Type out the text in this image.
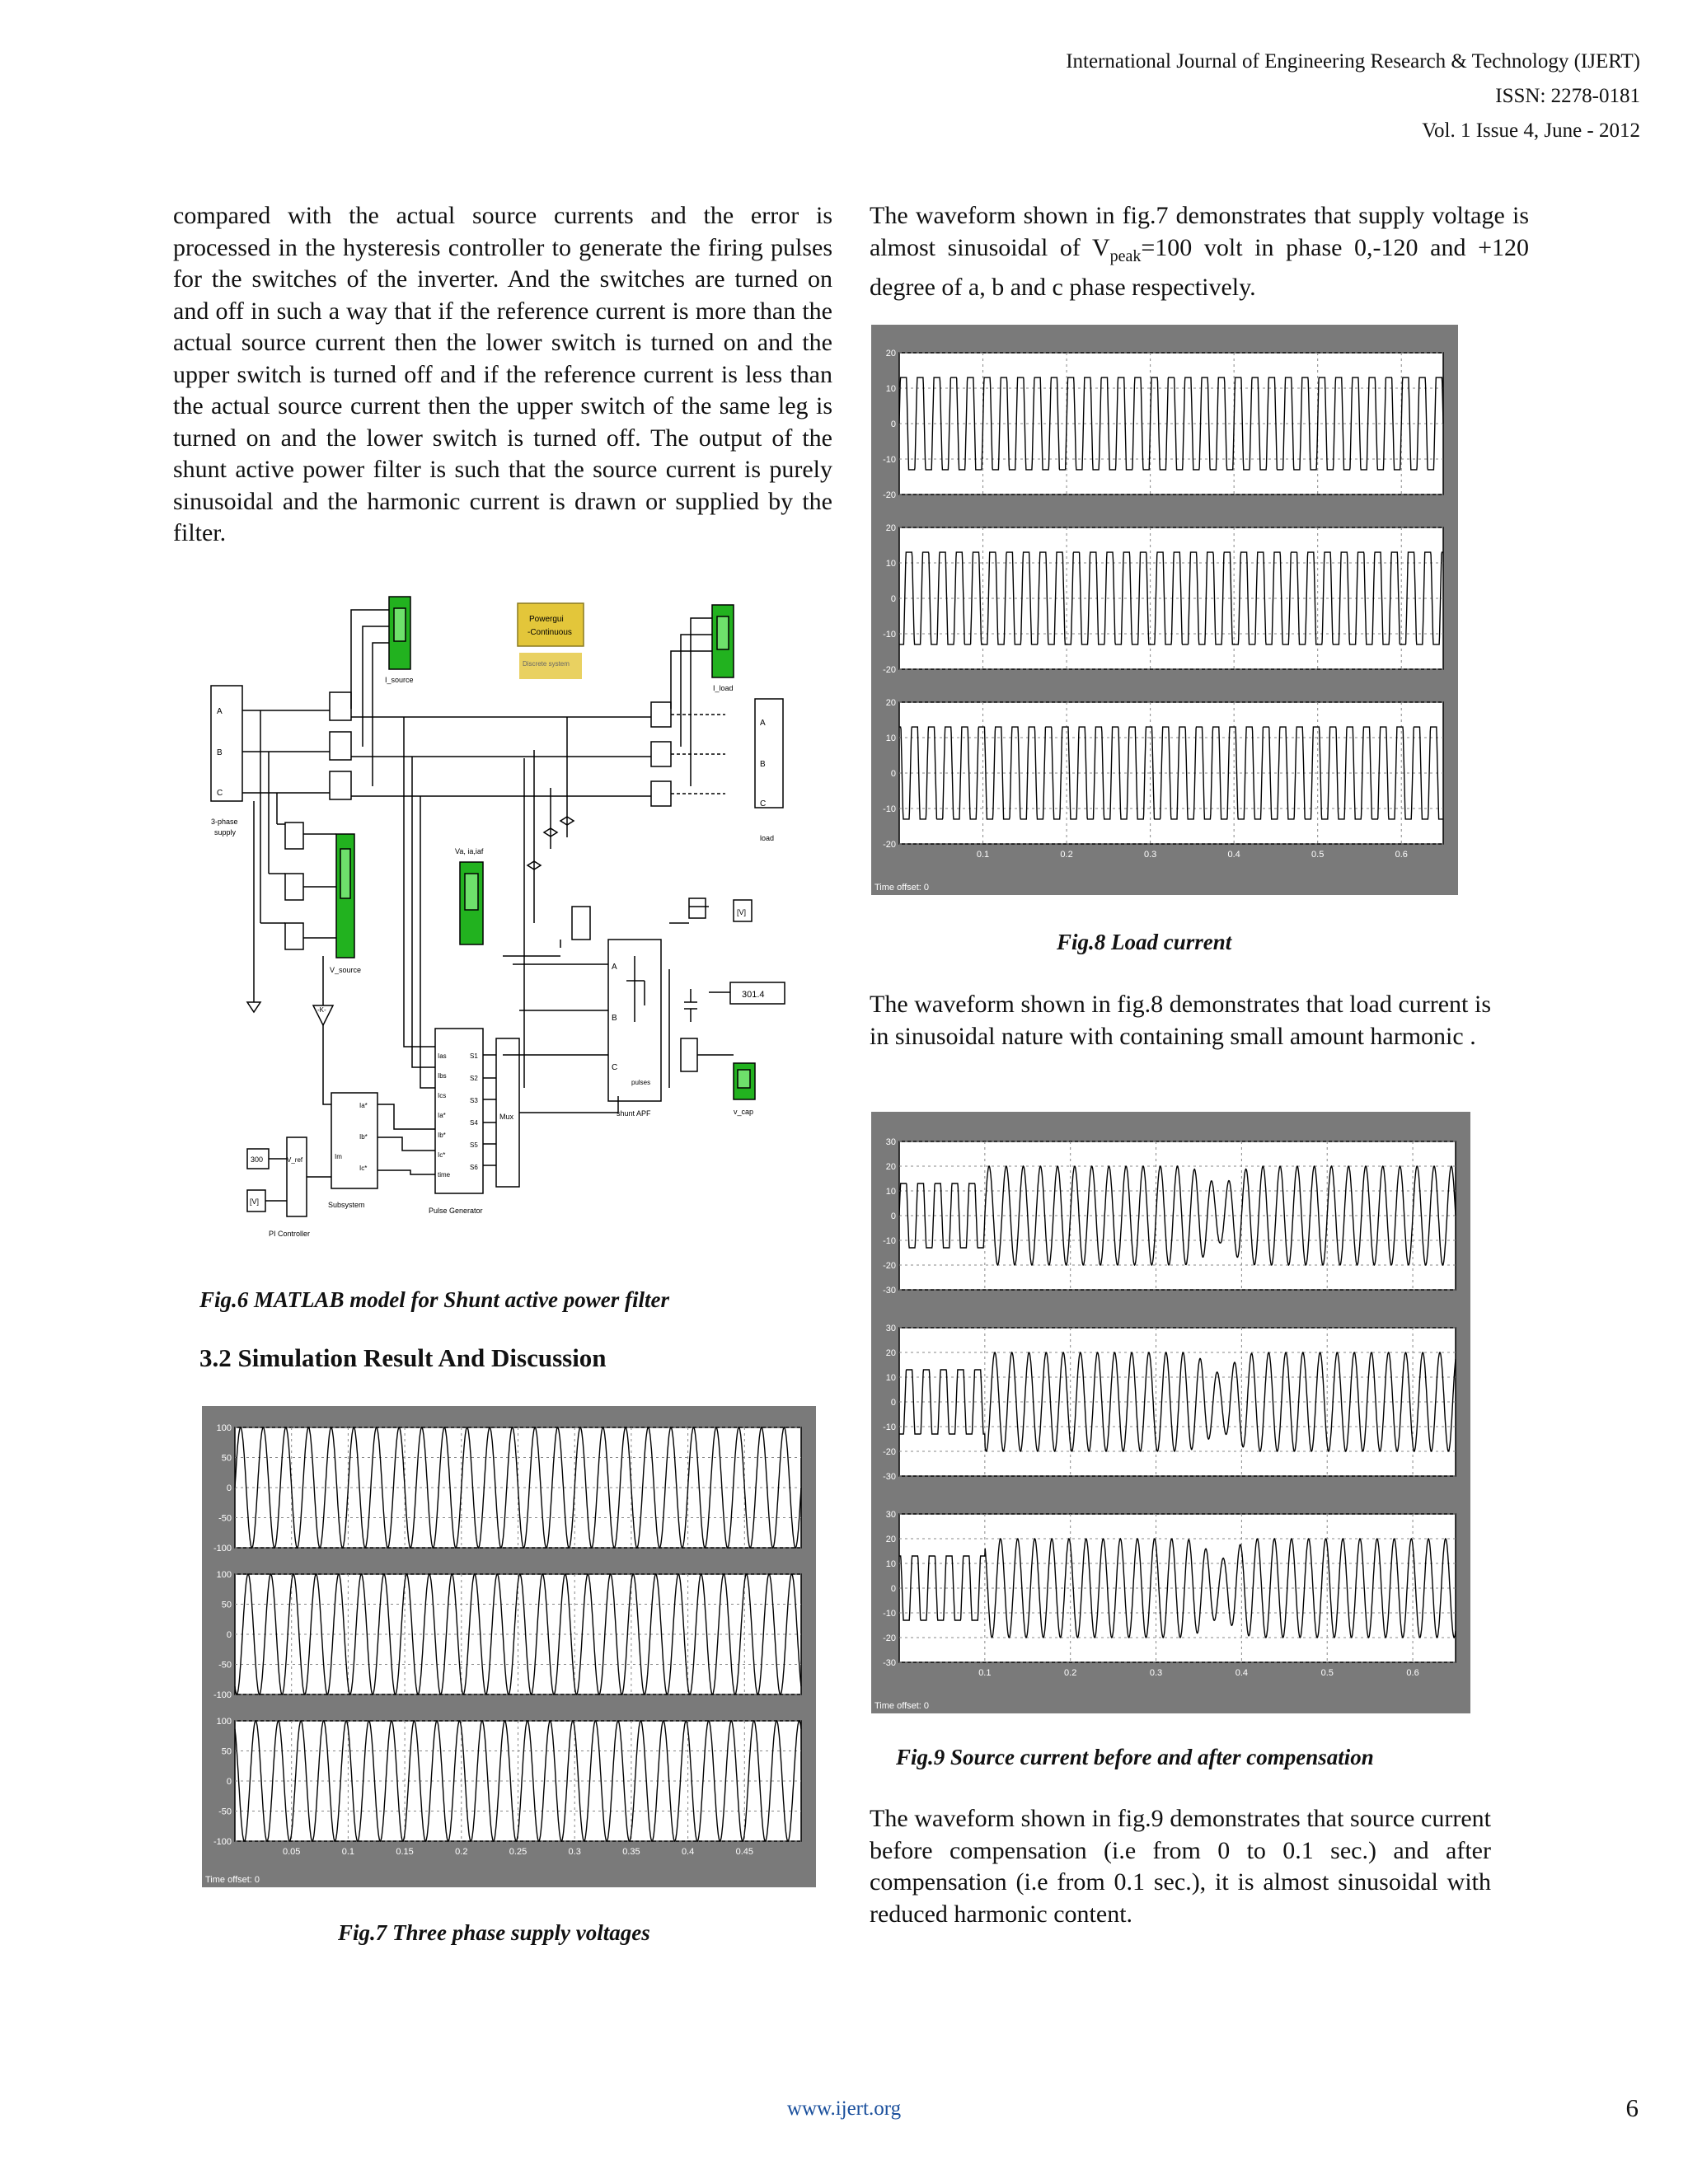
International Journal of Engineering Research & Technology (IJERT)
ISSN: 2278-0181
Vol. 1 Issue 4, June - 2012
compared with the actual source currents and the error is processed in the hysteresis controller to generate the firing pulses for the switches of the inverter. And the switches are turned on and off in such a way that if the reference current is more than the actual source current then the lower switch is turned on and the upper switch is turned off and if the reference current is less than the actual source current then the upper switch of the same leg is turned on and the lower switch is turned off. The output of the shunt active power filter is such that the source current is purely sinusoidal and the harmonic current is drawn or supplied by the filter.
A
B
C
3-phase
supply
Powergui
-Continuous
Discrete system
I_source
I_load
V_source
Va, ia,iaf
v_cap
A
B
C
load
A
B
C
pulses
shunt APF
[V]
301.4
Pulse Generator
Ias
Ibs
Ics
Ia*
Ib*
Ic*
time
S1
S2
S3
S4
S5
S6
Mux
Subsystem
Ia*
Ib*
Ic*
Im
-K-
PI Controller
300	V_ref
[V]
Fig.6 MATLAB model for Shunt active power filter
3.2 Simulation Result And Discussion
100
50
0
-50
-100
100
50
0
-50
-100
100
50
0
-50
-100
0.05	0.1	0.15	0.2	0.25	0.3	0.35	0.4	0.45
Time offset: 0
Fig.7 Three phase supply voltages
The waveform shown in fig.7 demonstrates that supply voltage is almost sinusoidal of $V_{peak}=100$ volt in phase 0,-120 and +120 degree of a, b and c phase respectively.
20
10
0
-10
-20
20
10
0
-10
-20
20
10
0
-10
-20
0.1	0.2	0.3	0.4	0.5	0.6
Time offset: 0
Fig.8 Load current
The waveform shown in fig.8 demonstrates that load current is in sinusoidal nature with containing small amount harmonic .
30
20
10
0
-10
-20
-30
30
20
10
0
-10
-20
-30
30
20
10
0
-10
-20
-30
0.1	0.2	0.3	0.4	0.5	0.6
Time offset: 0
Fig.9 Source current before and after compensation
The waveform shown in fig.9 demonstrates that source current before compensation (i.e from 0 to 0.1 sec.) and after compensation (i.e from 0.1 sec.), it is almost sinusoidal with reduced harmonic content.
www.ijert.org	6
